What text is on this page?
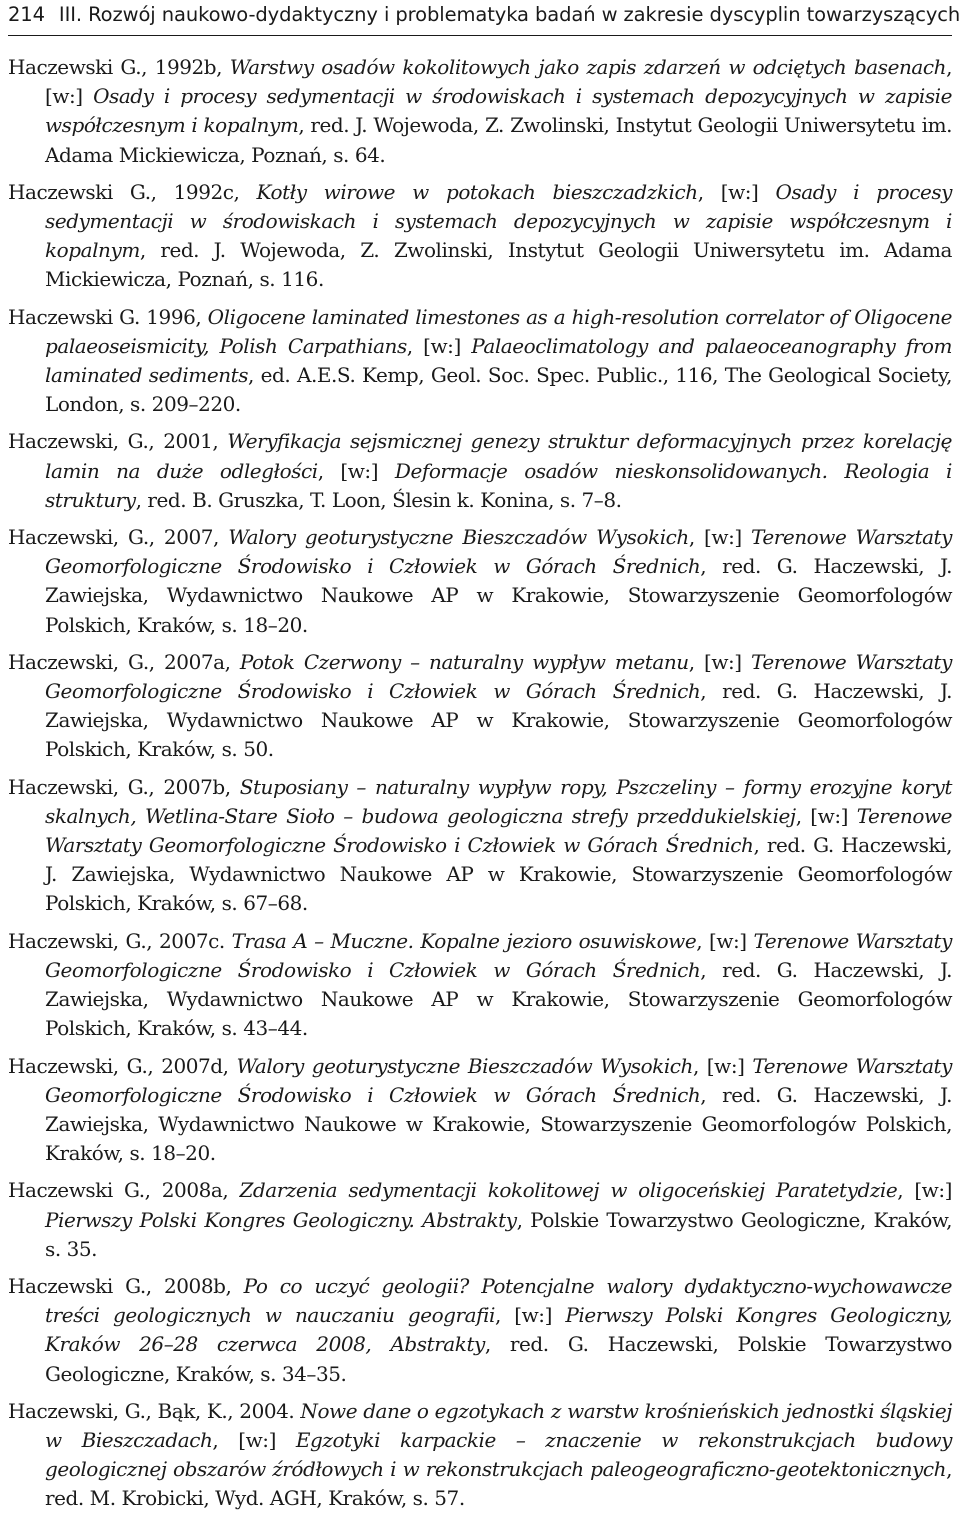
214 III. Rozwój naukowo-dydaktyczny i problematyka badań w zakresie dyscyplin towarzyszących

Haczewski G., 1992b, Warstwy osadów kokolitowych jako zapis zdarzeń w odciętych basenach, [w:] Osady i procesy sedymentacji w środowiskach i systemach depozycyjnych w zapisie współczesnym i kopalnym, red. J. Wojewoda, Z. Zwolinski, Instytut Geologii Uniwersytetu im. Adama Mickiewicza, Poznań, s. 64.

Haczewski G., 1992c, Kotły wirowe w potokach bieszczadzkich, [w:] Osady i procesy sedymentacji w środowiskach i systemach depozycyjnych w zapisie współczesnym i kopalnym, red. J. Wojewoda, Z. Zwolinski, Instytut Geologii Uniwersytetu im. Adama Mickiewicza, Poznań, s. 116.

Haczewski G. 1996, Oligocene laminated limestones as a high-resolution correlator of Oligocene palaeoseismicity, Polish Carpathians, [w:] Palaeoclimatology and palaeoceanography from laminated sediments, ed. A.E.S. Kemp, Geol. Soc. Spec. Public., 116, The Geological Society, London, s. 209–220.

Haczewski, G., 2001, Weryfikacja sejsmicznej genezy struktur deformacyjnych przez korelację lamin na duże odległości, [w:] Deformacje osadów nieskonsolidowanych. Reologia i struktury, red. B. Gruszka, T. Loon, Ślesin k. Konina, s. 7–8.

Haczewski, G., 2007, Walory geoturystyczne Bieszczadów Wysokich, [w:] Terenowe Warsztaty Geomorfologiczne Środowisko i Człowiek w Górach Średnich, red. G. Haczewski, J. Zawiejska, Wydawnictwo Naukowe AP w Krakowie, Stowarzyszenie Geomorfologów Polskich, Kraków, s. 18–20.

Haczewski, G., 2007a, Potok Czerwony – naturalny wypływ metanu, [w:] Terenowe Warsztaty Geomorfologiczne Środowisko i Człowiek w Górach Średnich, red. G. Haczewski, J. Zawiejska, Wydawnictwo Naukowe AP w Krakowie, Stowarzyszenie Geomorfologów Polskich, Kraków, s. 50.

Haczewski, G., 2007b, Stuposiany – naturalny wypływ ropy, Pszczeliny – formy erozyjne koryt skalnych, Wetlina-Stare Sioło – budowa geologiczna strefy przeddukielskiej, [w:] Terenowe Warsztaty Geomorfologiczne Środowisko i Człowiek w Górach Średnich, red. G. Haczewski, J. Zawiejska, Wydawnictwo Naukowe AP w Krakowie, Stowarzyszenie Geomorfologów Polskich, Kraków, s. 67–68.

Haczewski, G., 2007c. Trasa A – Muczne. Kopalne jezioro osuwiskowe, [w:] Terenowe Warsztaty Geomorfologiczne Środowisko i Człowiek w Górach Średnich, red. G. Haczewski, J. Zawiejska, Wydawnictwo Naukowe AP w Krakowie, Stowarzyszenie Geomorfologów Polskich, Kraków, s. 43–44.

Haczewski, G., 2007d, Walory geoturystyczne Bieszczadów Wysokich, [w:] Terenowe Warsztaty Geomorfologiczne Środowisko i Człowiek w Górach Średnich, red. G. Haczewski, J. Zawiejska, Wydawnictwo Naukowe w Krakowie, Stowarzyszenie Geomorfologów Polskich, Kraków, s. 18–20.

Haczewski G., 2008a, Zdarzenia sedymentacji kokolitowej w oligoceńskiej Paratetydzie, [w:] Pierwszy Polski Kongres Geologiczny. Abstrakty, Polskie Towarzystwo Geologiczne, Kraków, s. 35.

Haczewski G., 2008b, Po co uczyć geologii? Potencjalne walory dydaktyczno-wychowawcze treści geologicznych w nauczaniu geografii, [w:] Pierwszy Polski Kongres Geologiczny, Kraków 26–28 czerwca 2008, Abstrakty, red. G. Haczewski, Polskie Towarzystwo Geologiczne, Kraków, s. 34–35.

Haczewski, G., Bąk, K., 2004. Nowe dane o egzotykach z warstw krośnieńskich jednostki śląskiej w Bieszczadach, [w:] Egzotyki karpackie – znaczenie w rekonstrukcjach budowy geologicznej obszarów źródłowych i w rekonstrukcjach paleogeograficzno-geotektonicznych, red. M. Krobicki, Wyd. AGH, Kraków, s. 57.
